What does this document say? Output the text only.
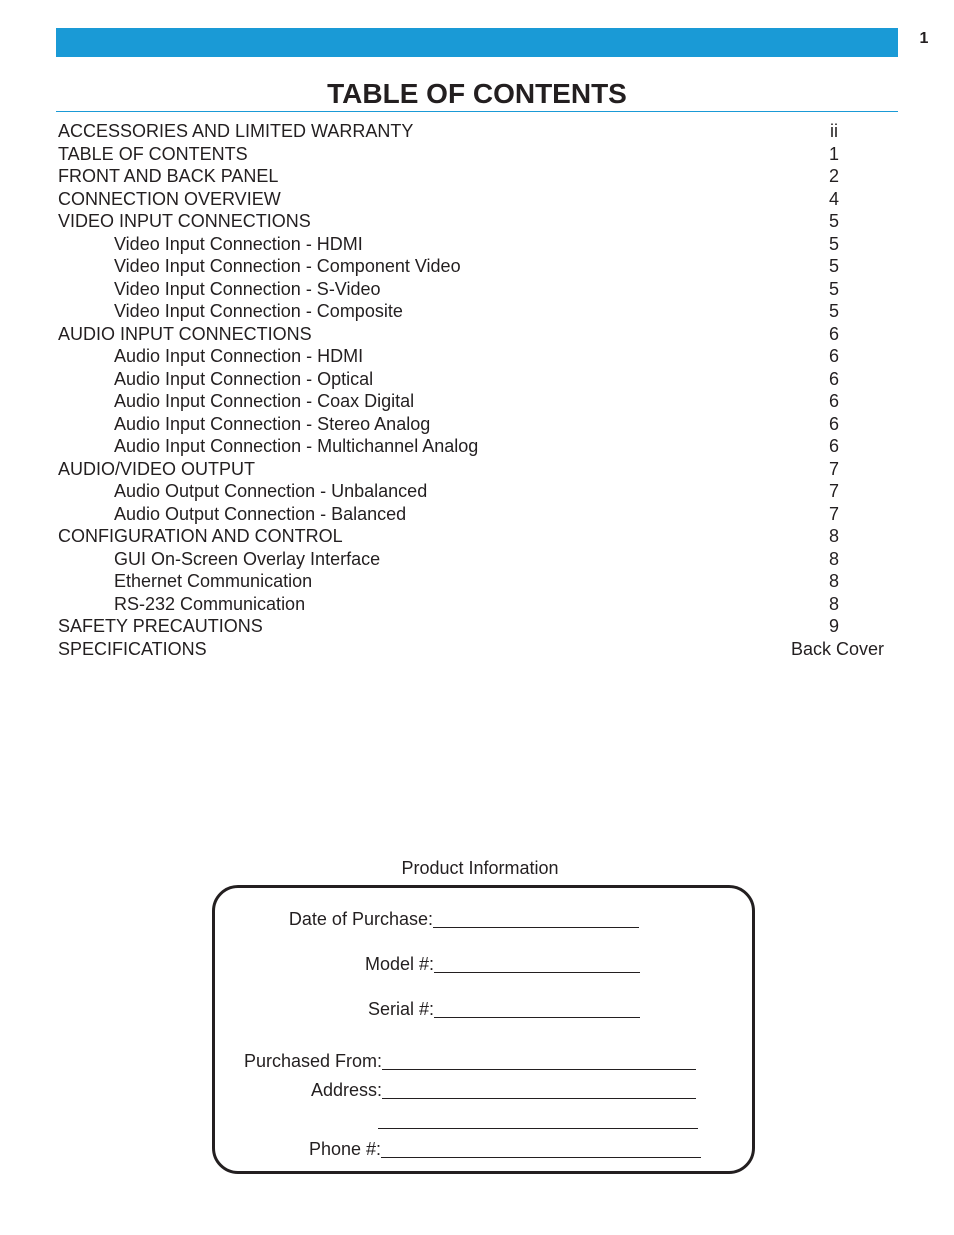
1
TABLE OF CONTENTS
ACCESSORIES AND LIMITED WARRANTY	ii
TABLE OF CONTENTS	1
FRONT AND BACK PANEL	2
CONNECTION OVERVIEW	4
VIDEO INPUT CONNECTIONS	5
Video Input Connection - HDMI	5
Video Input Connection - Component Video	5
Video Input Connection - S-Video	5
Video Input Connection - Composite	5
AUDIO INPUT CONNECTIONS	6
Audio Input Connection - HDMI	6
Audio Input Connection - Optical	6
Audio Input Connection - Coax Digital	6
Audio Input Connection - Stereo Analog	6
Audio Input Connection - Multichannel Analog	6
AUDIO/VIDEO OUTPUT	7
Audio Output Connection - Unbalanced	7
Audio Output Connection - Balanced	7
CONFIGURATION AND CONTROL	8
GUI On-Screen Overlay Interface	8
Ethernet Communication	8
RS-232 Communication	8
SAFETY PRECAUTIONS	9
SPECIFICATIONS	Back Cover
Product Information
Date of Purchase:
Model #:
Serial #:
Purchased From:
Address:
Phone #:
